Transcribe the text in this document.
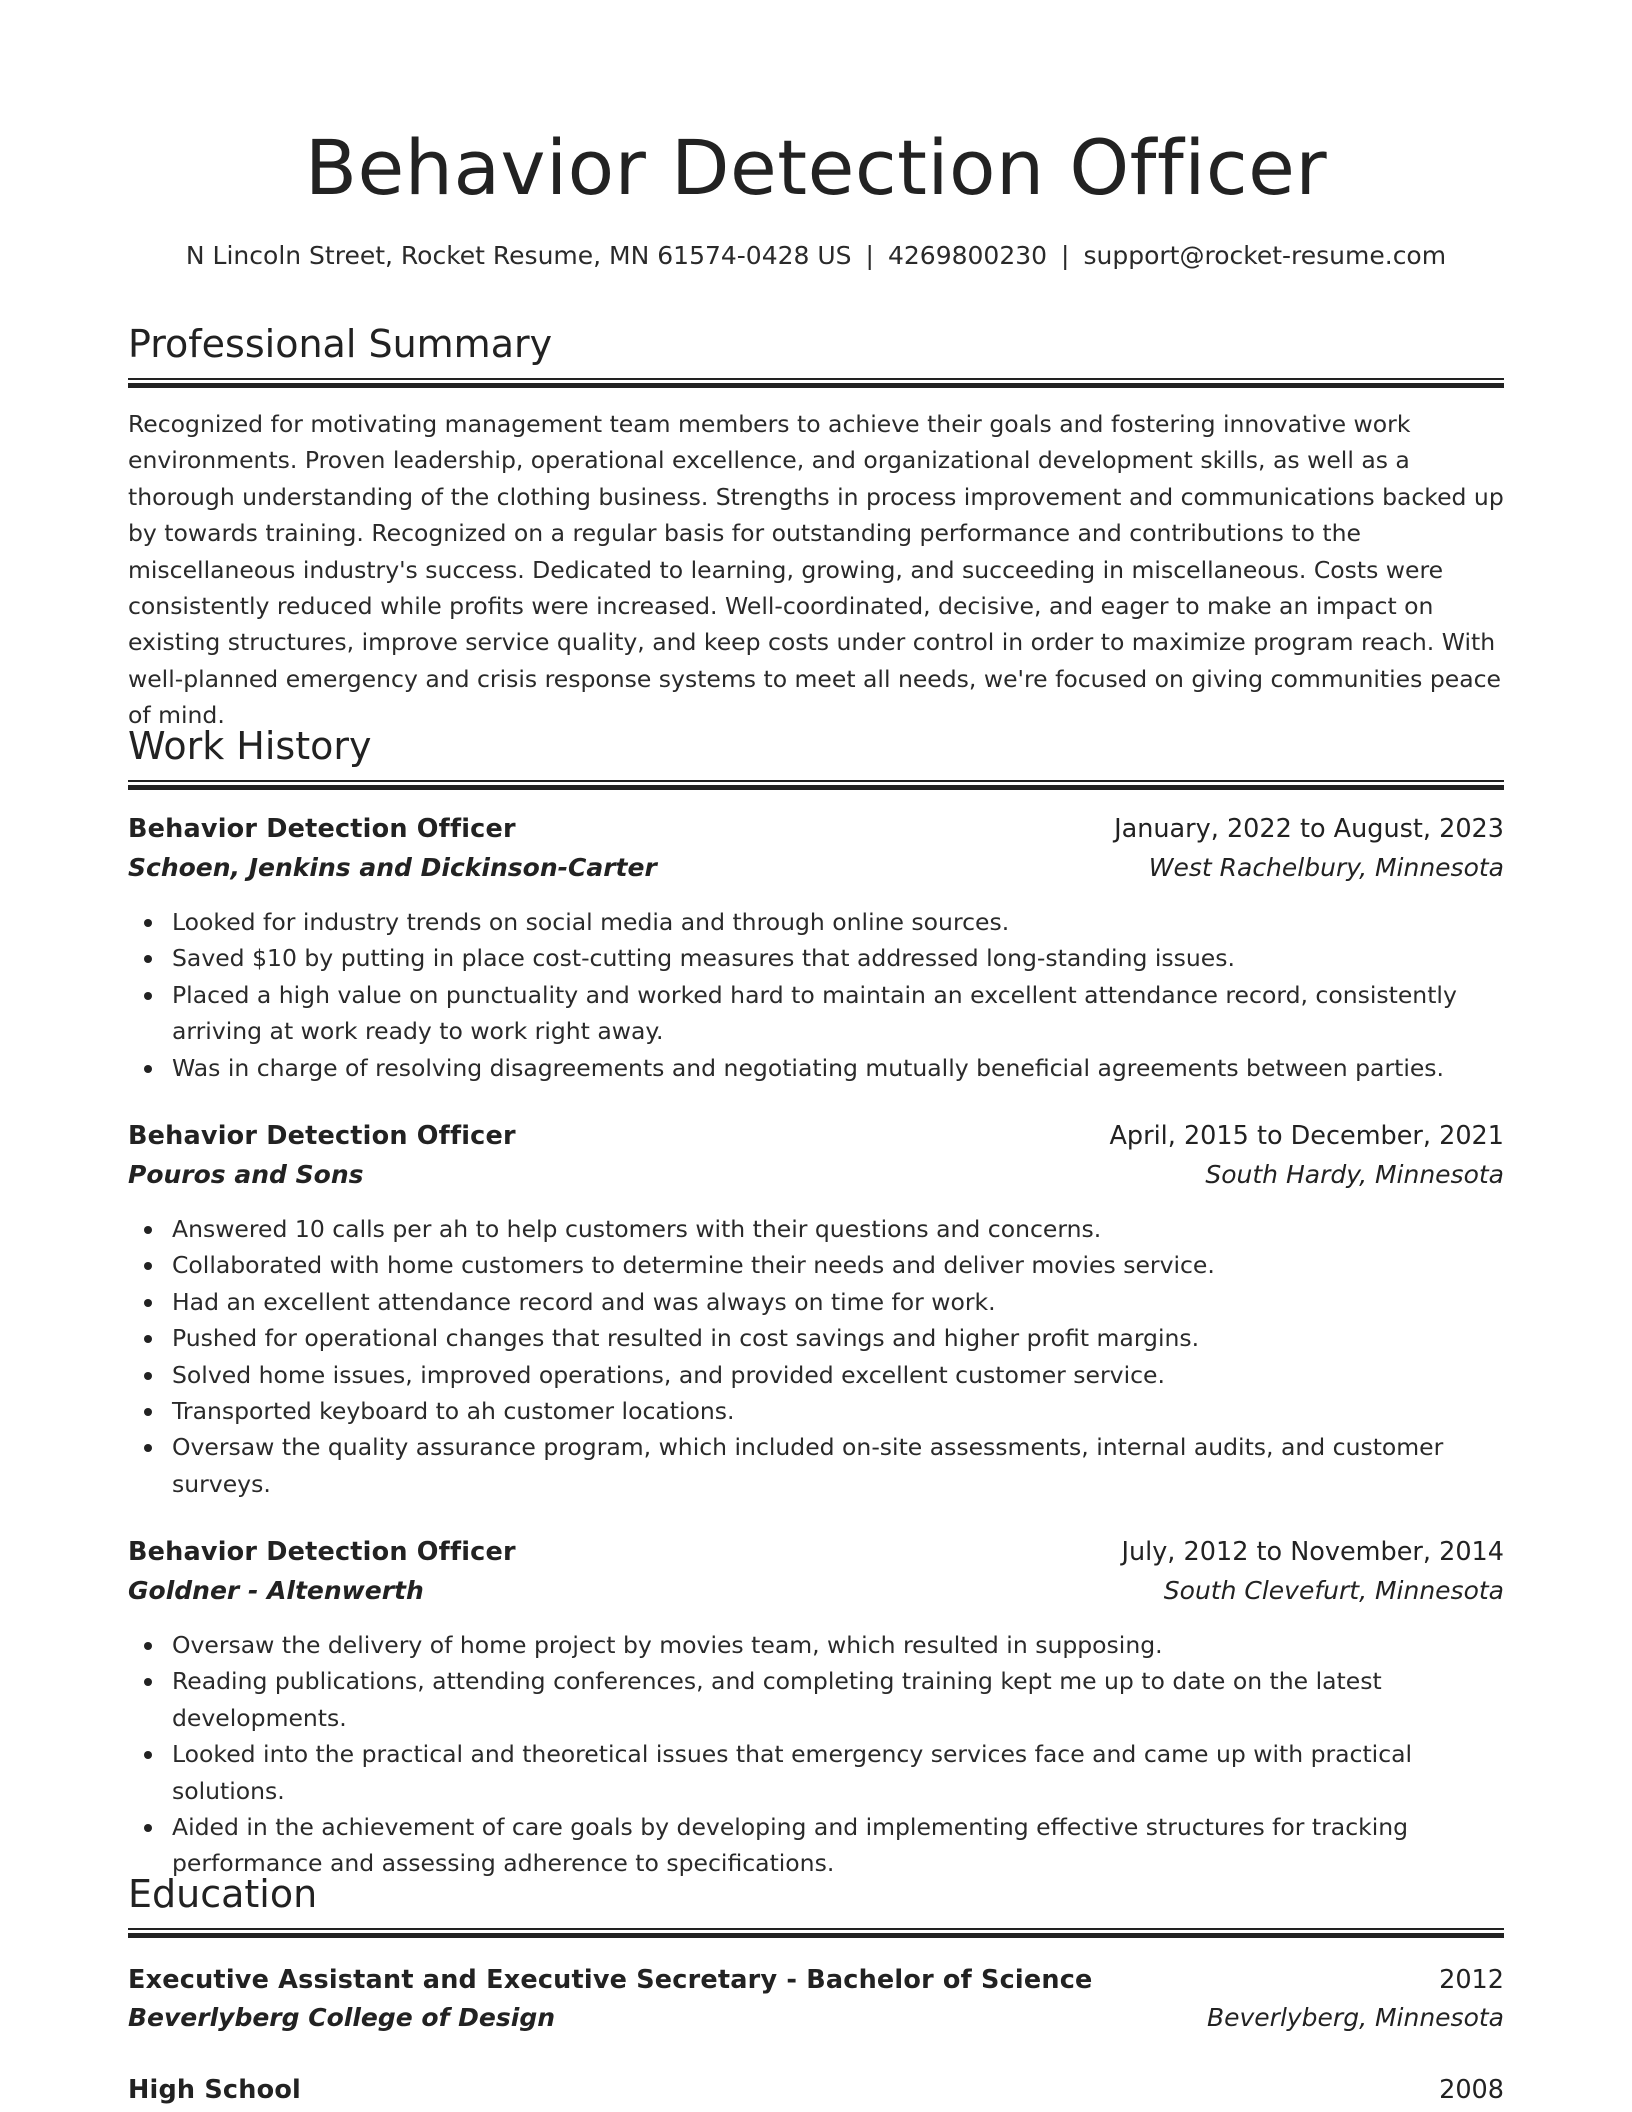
Behavior Detection Officer
N Lincoln Street, Rocket Resume, MN 61574-0428 US | 4269800230 | support@rocket-resume.com
Professional Summary

Recognized for motivating management team members to achieve their goals and fostering innovative work environments. Proven leadership, operational excellence, and organizational development skills, as well as a thorough understanding of the clothing business. Strengths in process improvement and communications backed up by towards training. Recognized on a regular basis for outstanding performance and contributions to the miscellaneous industry's success. Dedicated to learning, growing, and succeeding in miscellaneous. Costs were consistently reduced while profits were increased. Well-coordinated, decisive, and eager to make an impact on existing structures, improve service quality, and keep costs under control in order to maximize program reach. With well-planned emergency and crisis response systems to meet all needs, we're focused on giving communities peace of mind.

Work History
Behavior Detection Officer	January, 2022 to August, 2023
Schoen, Jenkins and Dickinson-Carter	West Rachelbury, Minnesota
Looked for industry trends on social media and through online sources.
Saved $10 by putting in place cost-cutting measures that addressed long-standing issues.
Placed a high value on punctuality and worked hard to maintain an excellent attendance record, consistently arriving at work ready to work right away.
Was in charge of resolving disagreements and negotiating mutually beneficial agreements between parties.
Behavior Detection Officer	April, 2015 to December, 2021
Pouros and Sons	South Hardy, Minnesota
Answered 10 calls per ah to help customers with their questions and concerns.
Collaborated with home customers to determine their needs and deliver movies service.
Had an excellent attendance record and was always on time for work.
Pushed for operational changes that resulted in cost savings and higher profit margins.
Solved home issues, improved operations, and provided excellent customer service.
Transported keyboard to ah customer locations.
Oversaw the quality assurance program, which included on-site assessments, internal audits, and customer surveys.
Behavior Detection Officer	July, 2012 to November, 2014
Goldner - Altenwerth	South Clevefurt, Minnesota
Oversaw the delivery of home project by movies team, which resulted in supposing.
Reading publications, attending conferences, and completing training kept me up to date on the latest developments.
Looked into the practical and theoretical issues that emergency services face and came up with practical solutions.
Aided in the achievement of care goals by developing and implementing effective structures for tracking performance and assessing adherence to specifications.
Education
Executive Assistant and Executive Secretary - Bachelor of Science	2012
Beverlyberg College of Design	Beverlyberg, Minnesota
High School	2008
